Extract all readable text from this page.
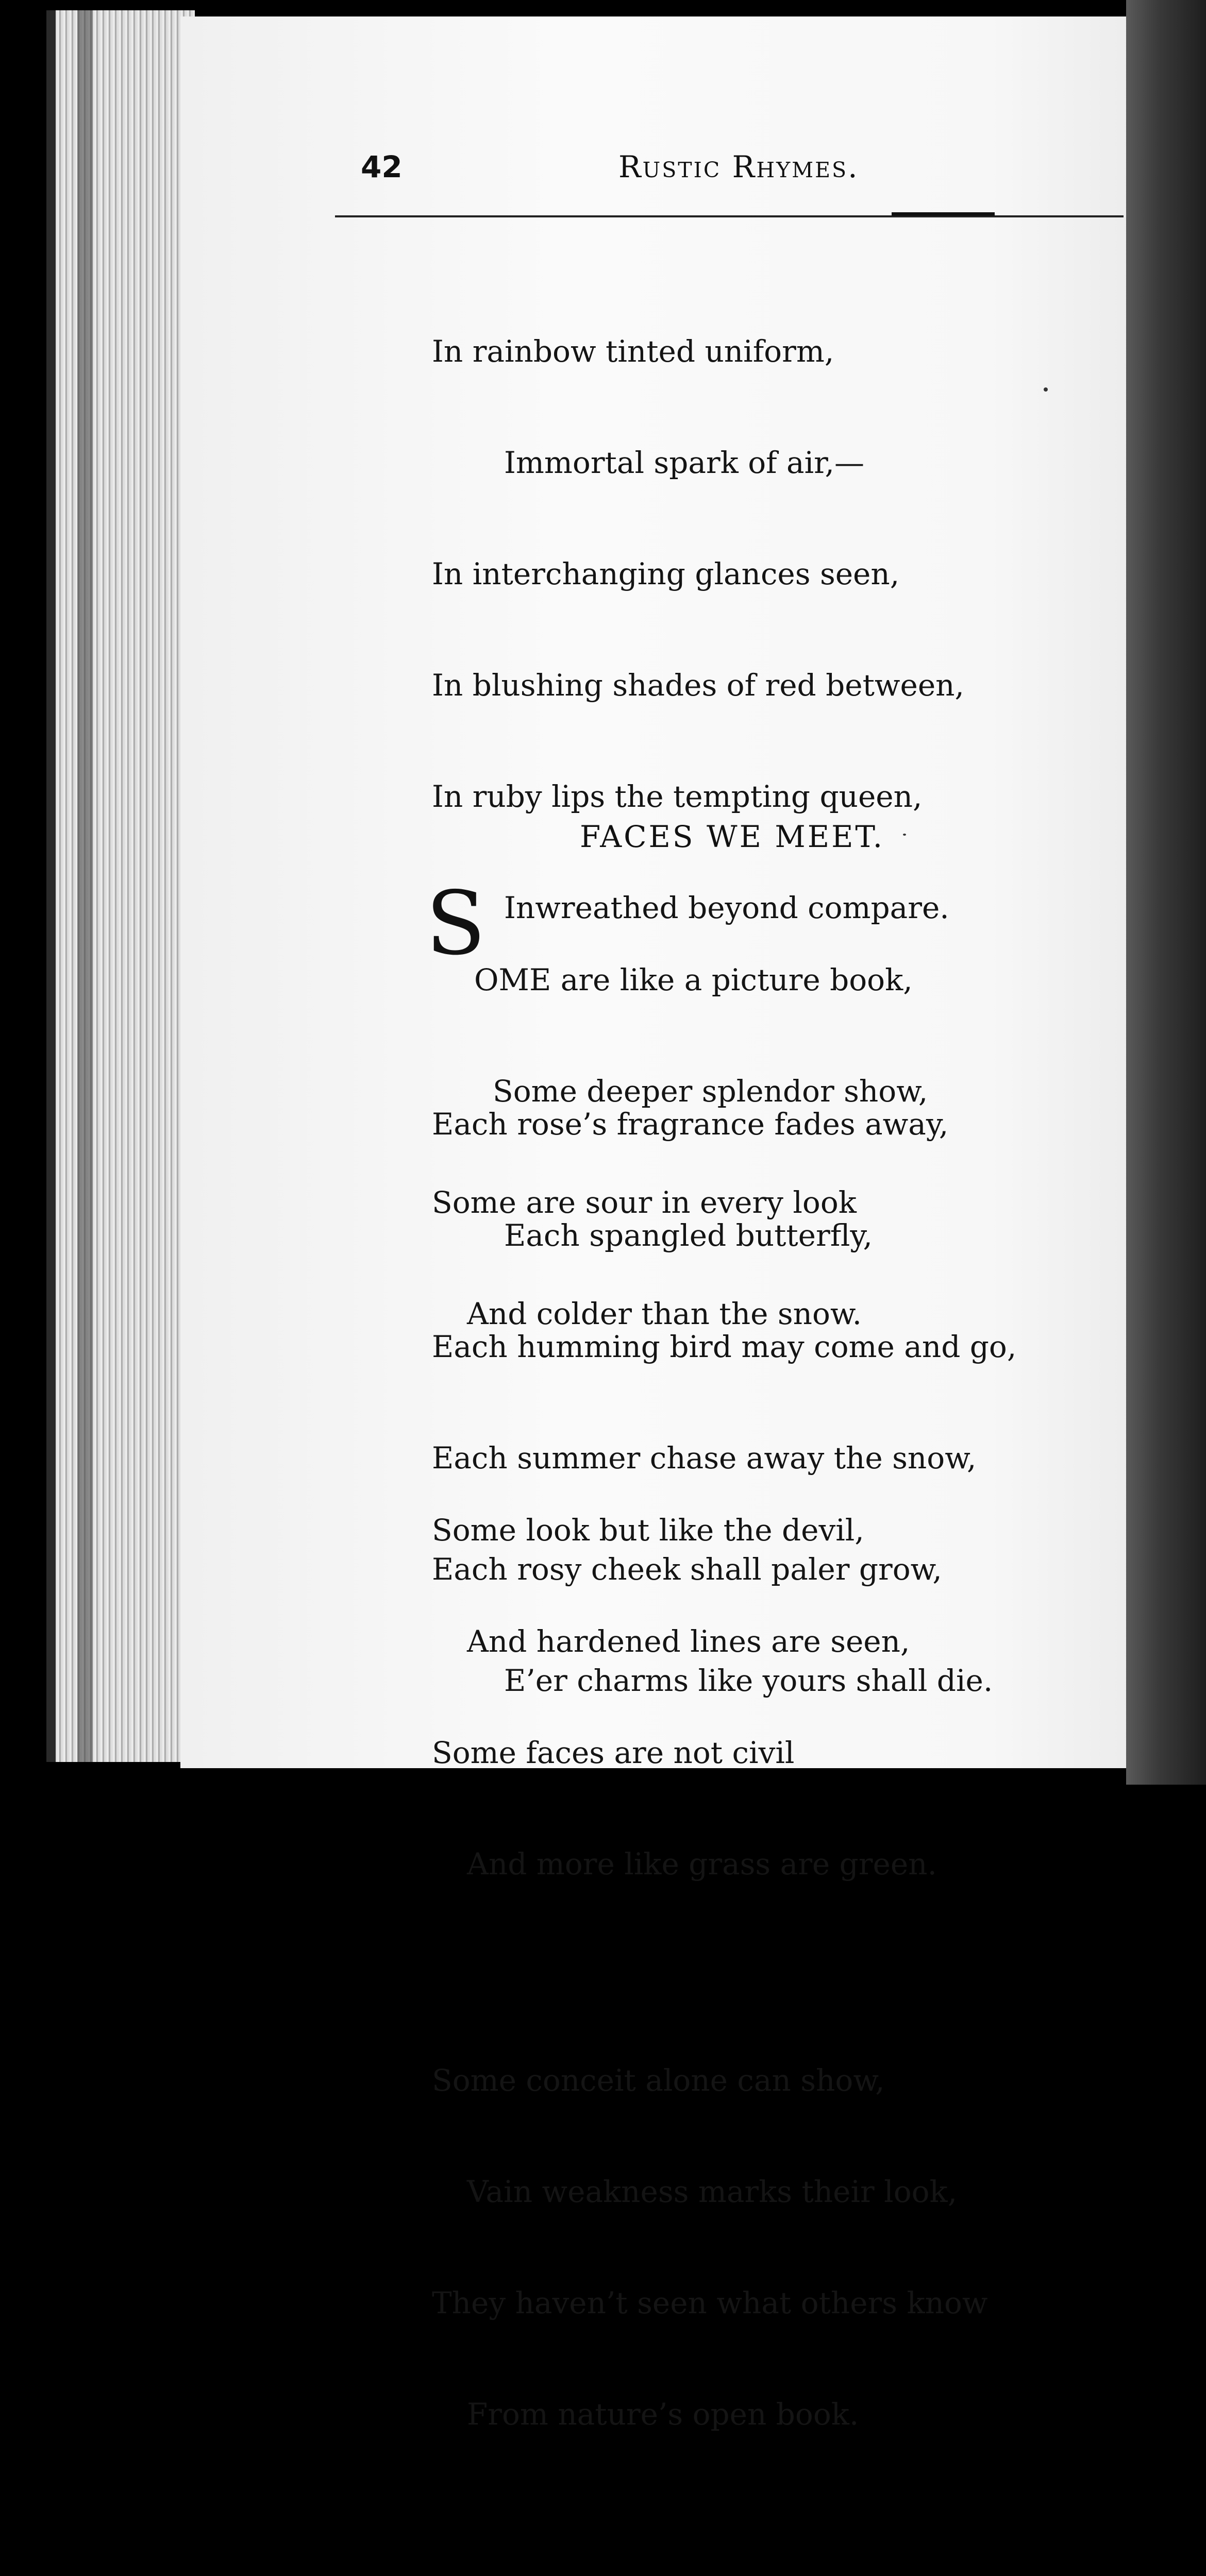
42	Rustic Rhymes.

In rainbow tinted uniform,

Immortal spark of air,—

In interchanging glances seen,

In blushing shades of red between,

In ruby lips the tempting queen,

Inwreathed beyond compare.

Each rose’s fragrance fades away,

Each spangled butterfly,

Each humming bird may come and go,

Each summer chase away the snow,

Each rosy cheek shall paler grow,

E’er charms like yours shall die.

FACES WE MEET.
S

OME are like a picture book,

Some deeper splendor show,

Some are sour in every look

And colder than the snow.

Some look but like the devil,

And hardened lines are seen,

Some faces are not civil

And more like grass are green.

Some conceit alone can show,

Vain weakness marks their look,

They haven’t seen what others know

From nature’s open book.
